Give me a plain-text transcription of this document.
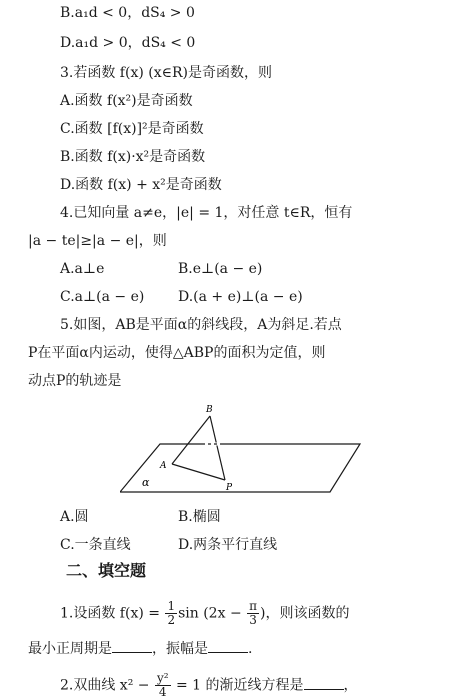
B.a₁d < 0，dS₄ > 0
D.a₁d > 0，dS₄ < 0
3.若函数 f(x) (x∈R)是奇函数，则
A.函数 f(x²)是奇函数
C.函数 [f(x)]²是奇函数
B.函数 f(x)·x²是奇函数
D.函数 f(x) + x²是奇函数
4.已知向量 a≠e，|e| = 1，对任意 t∈R，恒有
|a − te|≥|a − e|，则
A.a⊥e	B.e⊥(a − e)
C.a⊥(a − e) D.(a + e)⊥(a − e)
5.如图，AB是平面α的斜线段，A为斜足.若点
P在平面α内运动，使得△ABP的面积为定值，则
动点P的轨迹是
B
A
P
α
A.圆	B.椭圆
C.一条直线	D.两条平行直线
二、填空题
1.设函数 $f(x) = \frac{1}{2}$ $\sin (2x - \frac{\pi}{3}$ )，则该函数的
最小正周期是	，振幅是	.
2.双曲线 $x^2 - \frac{\text{y²}}{4} = 1$ 的渐近线方程是	，
